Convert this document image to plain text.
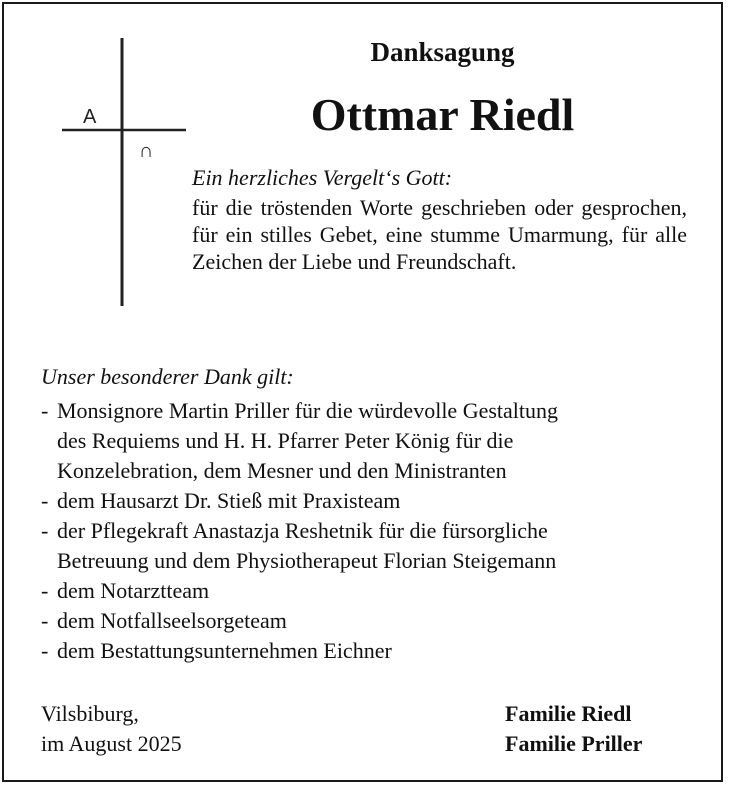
A
∩
Danksagung
Ottmar Riedl
Ein herzliches Vergelt‘s Gott:
für die tröstenden Worte geschrieben oder gesprochen, für ein stilles Gebet, eine stumme Umarmung, für alle Zeichen der Liebe und Freundschaft.
Unser besonderer Dank gilt:
- Monsignore Martin Priller für die würdevolle Gestaltung
des Requiems und H. H. Pfarrer Peter König für die
Konzelebration, dem Mesner und den Ministranten
- dem Hausarzt Dr. Stieß mit Praxisteam
- der Pflegekraft Anastazja Reshetnik für die fürsorgliche
Betreuung und dem Physiotherapeut Florian Steigemann
- dem Notarztteam
- dem Notfallseelsorgeteam
- dem Bestattungsunternehmen Eichner
Vilsbiburg,
im August 2025
Familie Riedl
Familie Priller
